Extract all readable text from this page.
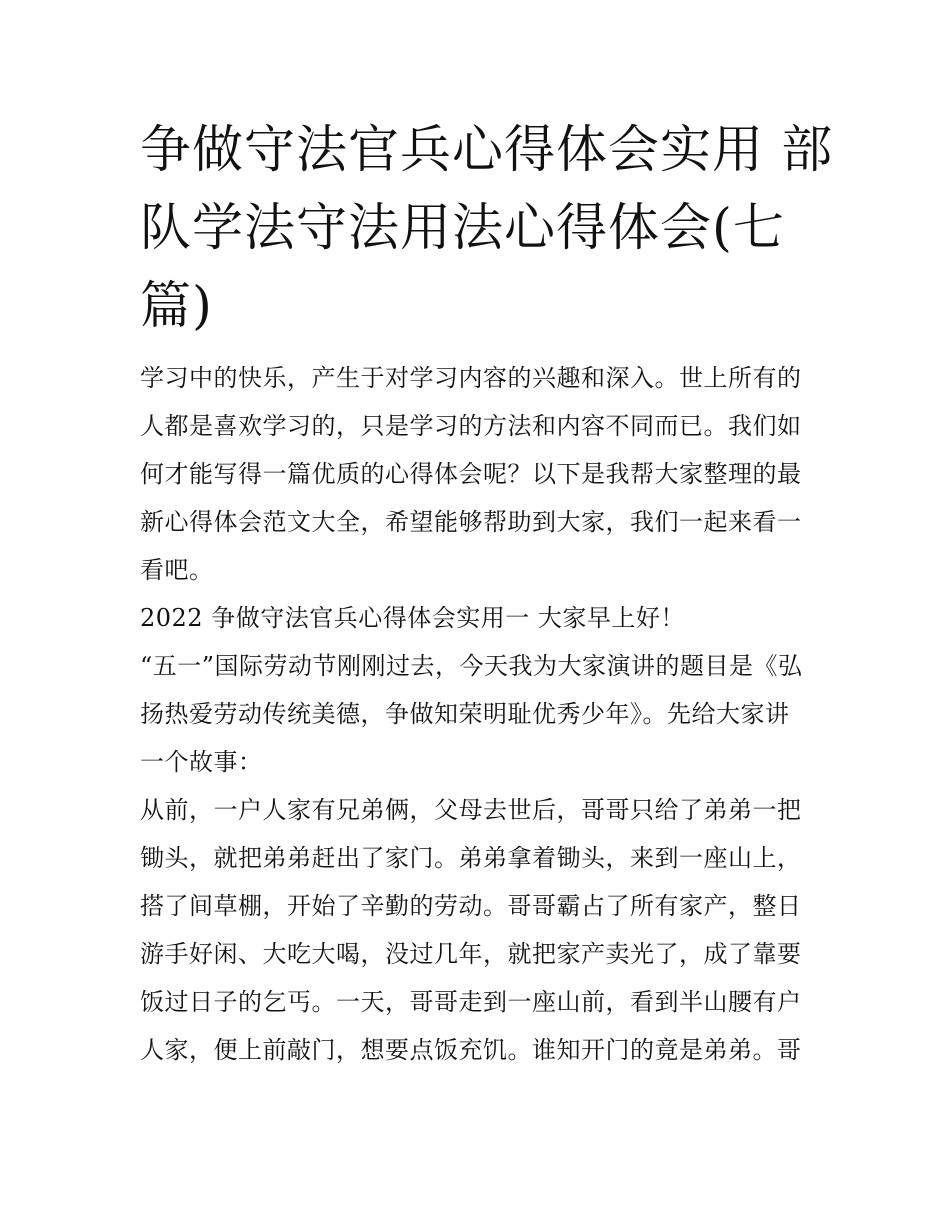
争做守法官兵心得体会实用 部
队学法守法用法心得体会(七
篇)
学习中的快乐，产生于对学习内容的兴趣和深入。世上所有的
人都是喜欢学习的，只是学习的方法和内容不同而已。我们如
何才能写得一篇优质的心得体会呢？以下是我帮大家整理的最
新心得体会范文大全，希望能够帮助到大家，我们一起来看一
看吧。
2022 争做守法官兵心得体会实用一 大家早上好！
“五一”国际劳动节刚刚过去，今天我为大家演讲的题目是《弘
扬热爱劳动传统美德，争做知荣明耻优秀少年》。先给大家讲
一个故事：
从前，一户人家有兄弟俩，父母去世后，哥哥只给了弟弟一把
锄头，就把弟弟赶出了家门。弟弟拿着锄头，来到一座山上，
搭了间草棚，开始了辛勤的劳动。哥哥霸占了所有家产，整日
游手好闲、大吃大喝，没过几年，就把家产卖光了，成了靠要
饭过日子的乞丐。一天，哥哥走到一座山前，看到半山腰有户
人家，便上前敲门，想要点饭充饥。谁知开门的竟是弟弟。哥
